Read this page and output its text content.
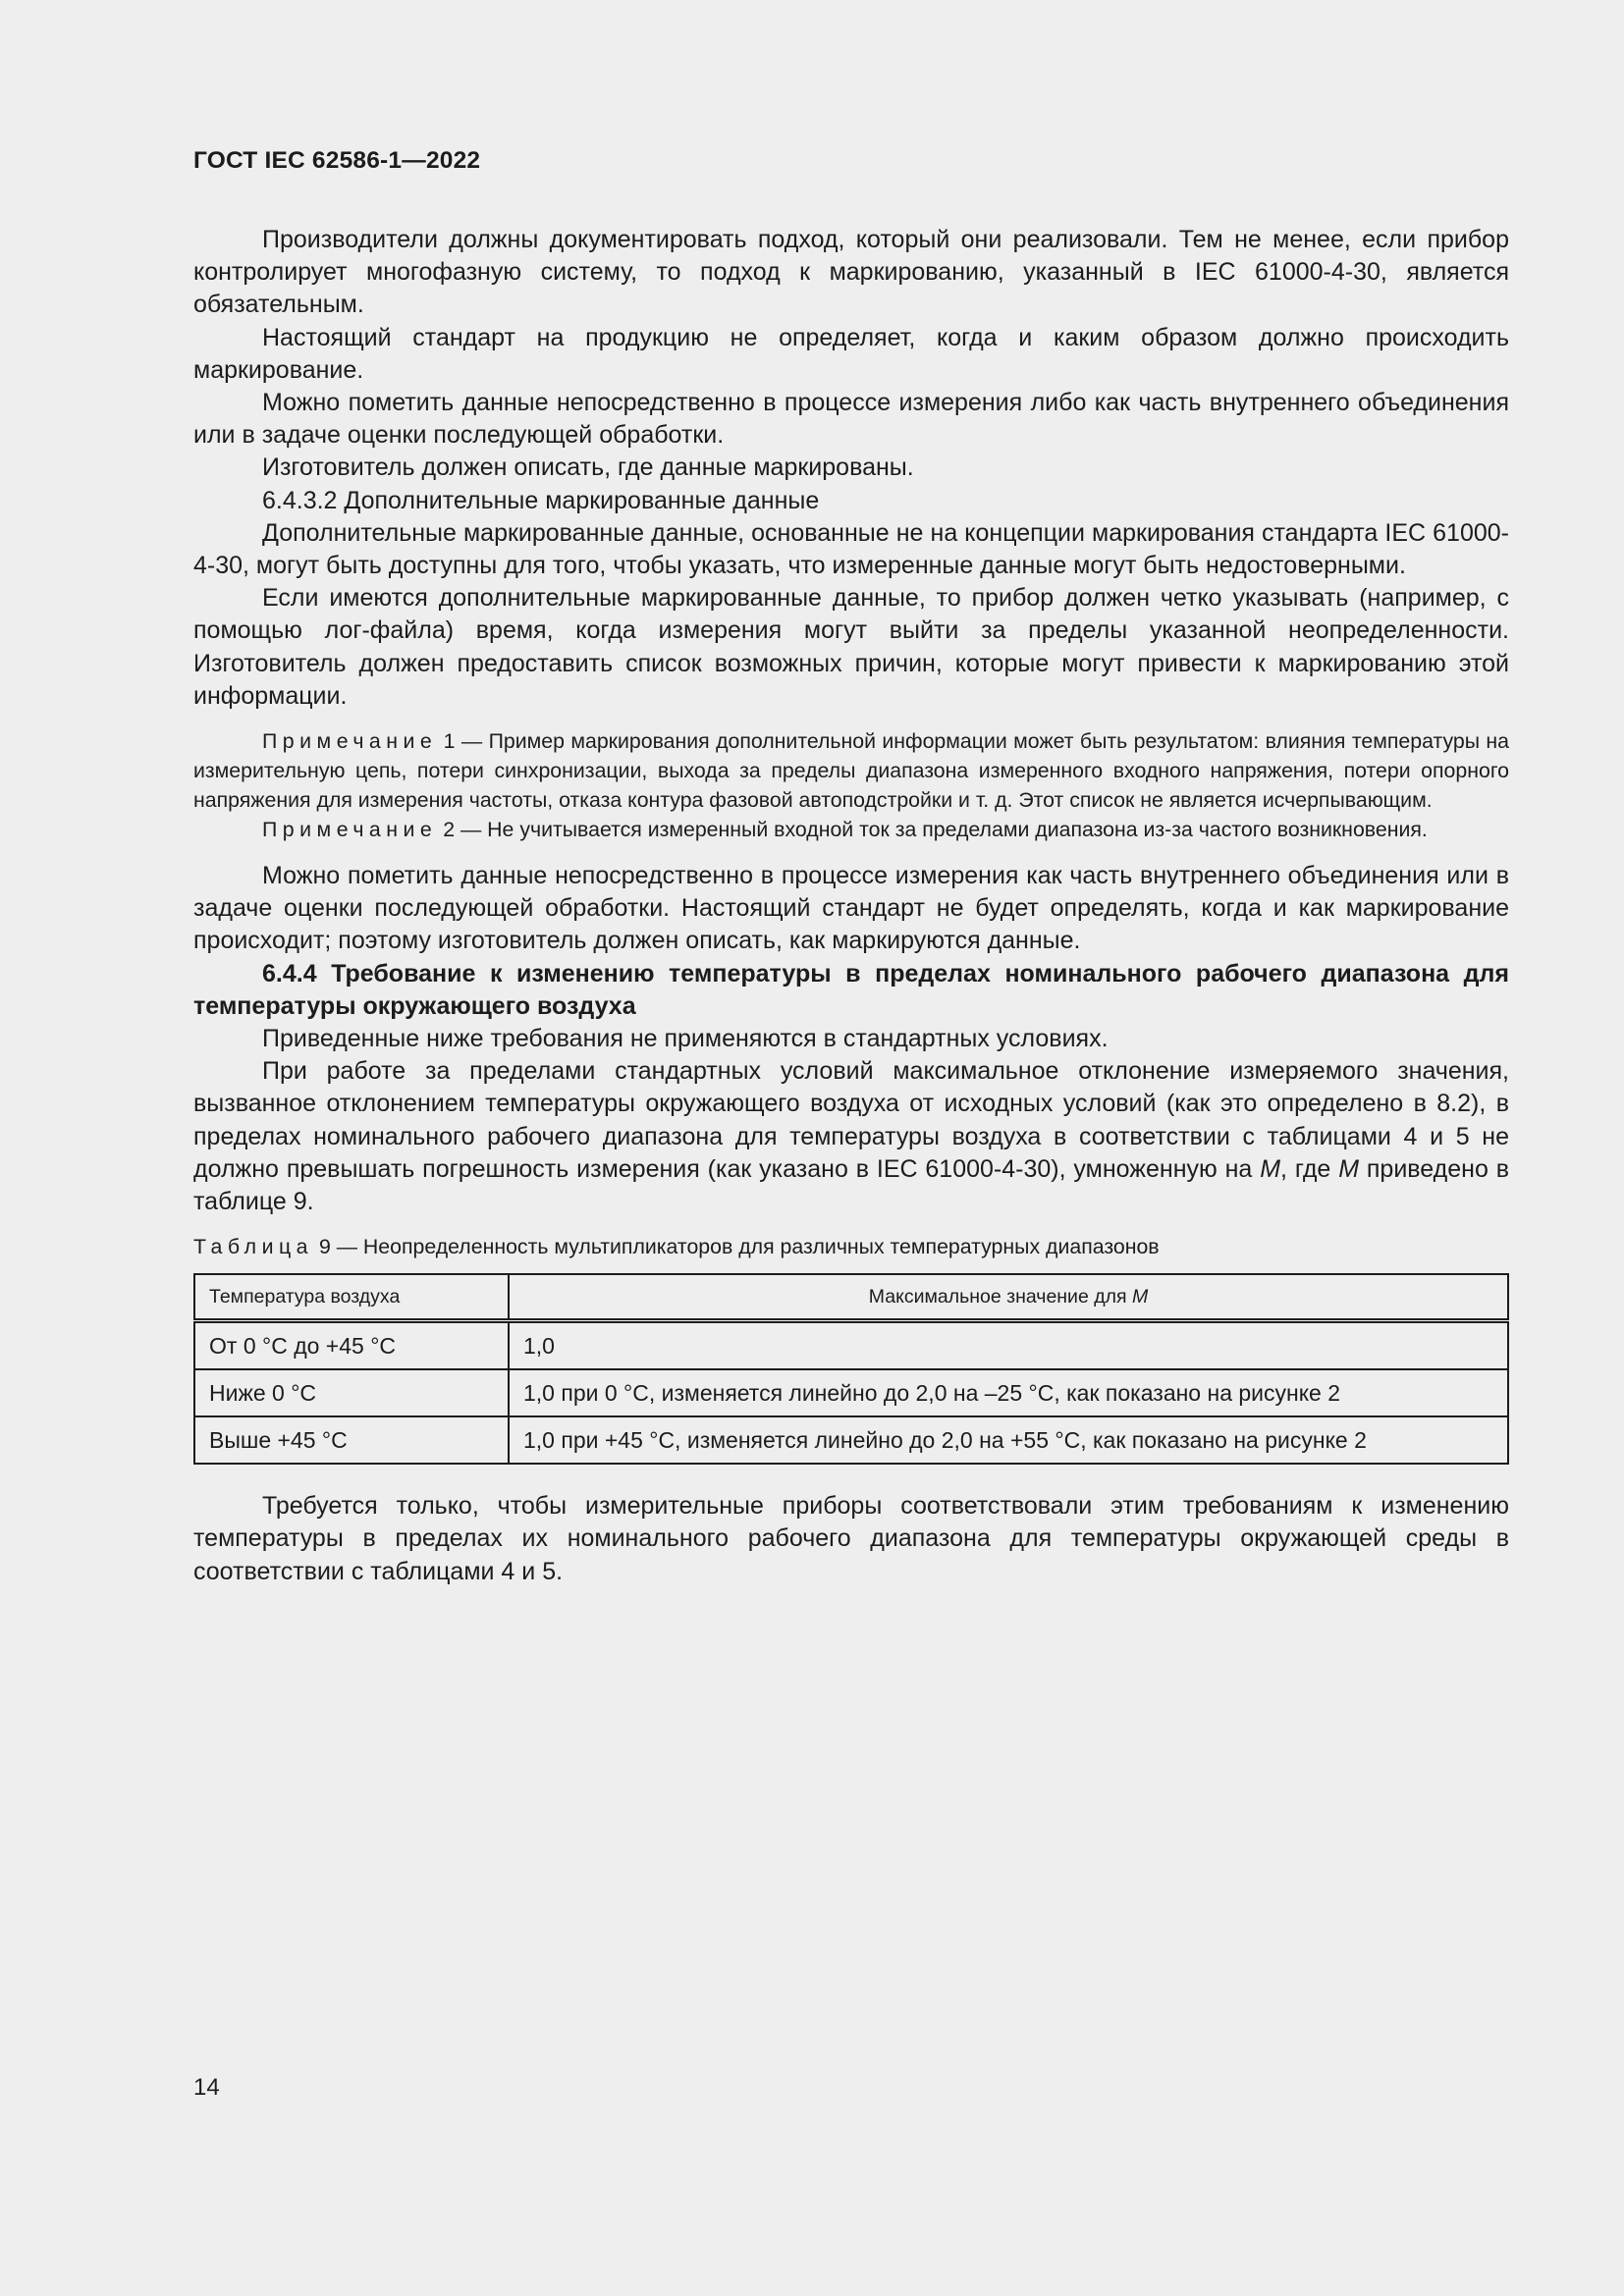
ГОСТ IEC 62586-1—2022

Производители должны документировать подход, который они реализовали. Тем не менее, если прибор контролирует многофазную систему, то подход к маркированию, указанный в IEC 61000-4-30, является обязательным.

Настоящий стандарт на продукцию не определяет, когда и каким образом должно происходить маркирование.

Можно пометить данные непосредственно в процессе измерения либо как часть внутреннего объединения или в задаче оценки последующей обработки.

Изготовитель должен описать, где данные маркированы.

6.4.3.2 Дополнительные маркированные данные

Дополнительные маркированные данные, основанные не на концепции маркирования стандарта IEC 61000-4-30, могут быть доступны для того, чтобы указать, что измеренные данные могут быть недостоверными.

Если имеются дополнительные маркированные данные, то прибор должен четко указывать (например, с помощью лог-файла) время, когда измерения могут выйти за пределы указанной неопределенности. Изготовитель должен предоставить список возможных причин, которые могут привести к маркированию этой информации.

Примечание 1 — Пример маркирования дополнительной информации может быть результатом: влияния температуры на измерительную цепь, потери синхронизации, выхода за пределы диапазона измеренного входного напряжения, потери опорного напряжения для измерения частоты, отказа контура фазовой автоподстройки и т. д. Этот список не является исчерпывающим.
Примечание 2 — Не учитывается измеренный входной ток за пределами диапазона из-за частого возникновения.

Можно пометить данные непосредственно в процессе измерения как часть внутреннего объединения или в задаче оценки последующей обработки. Настоящий стандарт не будет определять, когда и как маркирование происходит; поэтому изготовитель должен описать, как маркируются данные.

6.4.4 Требование к изменению температуры в пределах номинального рабочего диапазона для температуры окружающего воздуха

Приведенные ниже требования не применяются в стандартных условиях.

При работе за пределами стандартных условий максимальное отклонение измеряемого значения, вызванное отклонением температуры окружающего воздуха от исходных условий (как это определено в 8.2), в пределах номинального рабочего диапазона для температуры воздуха в соответствии с таблицами 4 и 5 не должно превышать погрешность измерения (как указано в IEC 61000-4-30), умноженную на M, где M приведено в таблице 9.

Таблица 9 — Неопределенность мультипликаторов для различных температурных диапазонов
Температура воздуха	Максимальное значение для M
От 0 °С до +45 °С	1,0
Ниже 0 °С	1,0 при 0 °С, изменяется линейно до 2,0 на –25 °С, как показано на рисунке 2
Выше +45 °С	1,0 при +45 °С, изменяется линейно до 2,0 на +55 °С, как показано на рисунке 2

Требуется только, чтобы измерительные приборы соответствовали этим требованиям к изменению температуры в пределах их номинального рабочего диапазона для температуры окружающей среды в соответствии с таблицами 4 и 5.

14
